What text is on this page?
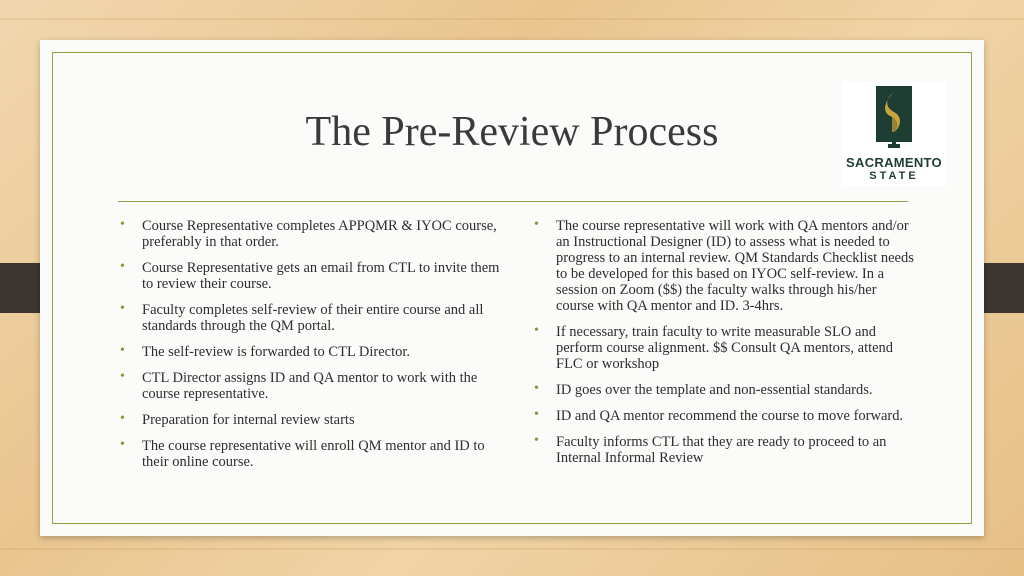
The Pre-Review Process
SACRAMENTO
STATE
• Course Representative completes APPQMR & IYOC course, preferably in that order.
• Course Representative gets an email from CTL to invite them to review their course.
• Faculty completes self-review of their entire course and all standards through the QM portal.
• The self-review is forwarded to CTL Director.
• CTL Director assigns ID and QA mentor to work with the course representative.
• Preparation for internal review starts
• The course representative will enroll QM mentor and ID to their online course.
• The course representative will work with QA mentors and/or an Instructional Designer (ID) to assess what is needed to progress to an internal review. QM Standards Checklist needs to be developed for this based on IYOC self-review. In a session on Zoom ($$) the faculty walks through his/her course with QA mentor and ID. 3-4hrs.
• If necessary, train faculty to write measurable SLO and perform course alignment. $$ Consult QA mentors, attend FLC or workshop
• ID goes over the template and non-essential standards.
• ID and QA mentor recommend the course to move forward.
• Faculty informs CTL that they are ready to proceed to an Internal Informal Review
